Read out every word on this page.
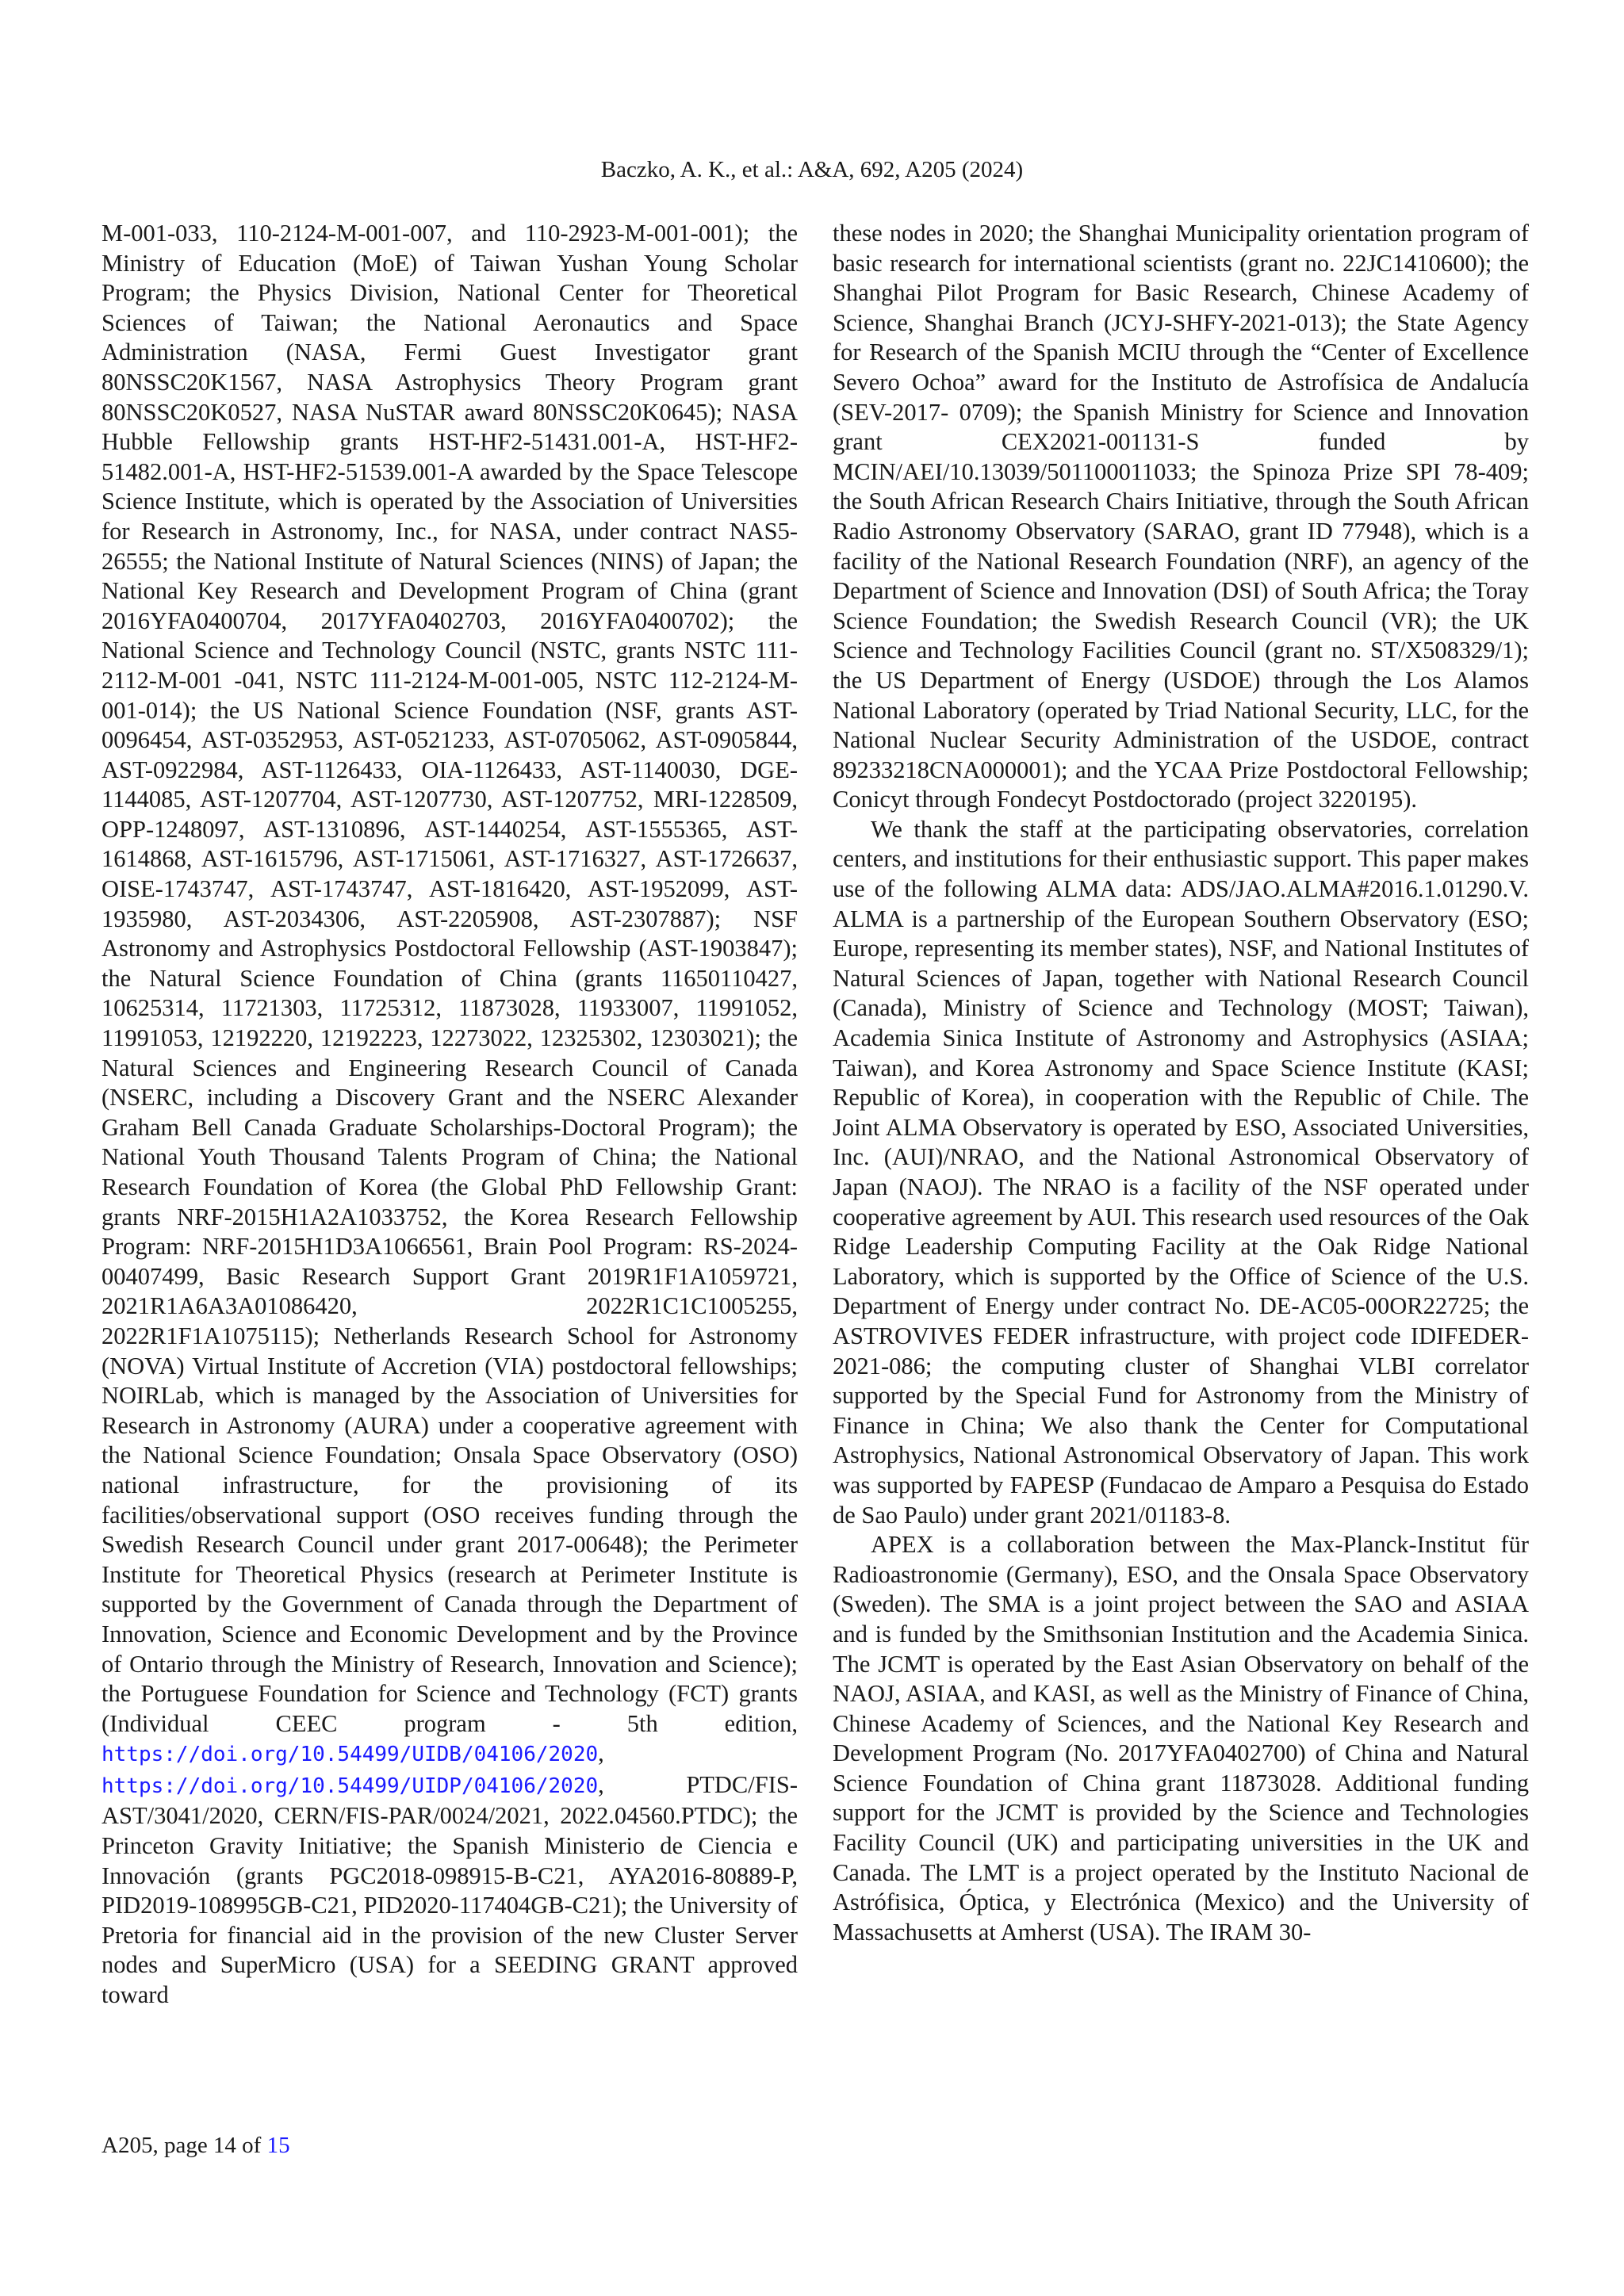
Baczko, A. K., et al.: A&A, 692, A205 (2024)

M-001-033, 110-2124-M-001-007, and 110-2923-M-001-001); the Ministry of Education (MoE) of Taiwan Yushan Young Scholar Program; the Physics Division, National Center for Theoretical Sciences of Taiwan; the National Aeronautics and Space Administration (NASA, Fermi Guest Investigator grant 80NSSC20K1567, NASA Astrophysics Theory Program grant 80NSSC20K0527, NASA NuSTAR award 80NSSC20K0645); NASA Hubble Fellowship grants HST-HF2-51431.001-A, HST-HF2-51482.001-A, HST-HF2-51539.001-A awarded by the Space Telescope Science Institute, which is operated by the Association of Universities for Research in Astronomy, Inc., for NASA, under contract NAS5-26555; the National Institute of Natural Sciences (NINS) of Japan; the National Key Research and Development Program of China (grant 2016YFA0400704, 2017YFA0402703, 2016YFA0400702); the National Science and Technology Council (NSTC, grants NSTC 111-2112-M-001 -041, NSTC 111-2124-M-001-005, NSTC 112-2124-M-001-014); the US National Science Foundation (NSF, grants AST-0096454, AST-0352953, AST-0521233, AST-0705062, AST-0905844, AST-0922984, AST-1126433, OIA-1126433, AST-1140030, DGE-1144085, AST-1207704, AST-1207730, AST-1207752, MRI-1228509, OPP-1248097, AST-1310896, AST-1440254, AST-1555365, AST-1614868, AST-1615796, AST-1715061, AST-1716327, AST-1726637, OISE-1743747, AST-1743747, AST-1816420, AST-1952099, AST-1935980, AST-2034306, AST-2205908, AST-2307887); NSF Astronomy and Astrophysics Postdoctoral Fellowship (AST-1903847); the Natural Science Foundation of China (grants 11650110427, 10625314, 11721303, 11725312, 11873028, 11933007, 11991052, 11991053, 12192220, 12192223, 12273022, 12325302, 12303021); the Natural Sciences and Engineering Research Council of Canada (NSERC, including a Discovery Grant and the NSERC Alexander Graham Bell Canada Graduate Scholarships-Doctoral Program); the National Youth Thousand Talents Program of China; the National Research Foundation of Korea (the Global PhD Fellowship Grant: grants NRF-2015H1A2A1033752, the Korea Research Fellowship Program: NRF-2015H1D3A1066561, Brain Pool Program: RS-2024-00407499, Basic Research Support Grant 2019R1F1A1059721, 2021R1A6A3A01086420, 2022R1C1C1005255, 2022R1F1A1075115); Netherlands Research School for Astronomy (NOVA) Virtual Institute of Accretion (VIA) postdoctoral fellowships; NOIRLab, which is managed by the Association of Universities for Research in Astronomy (AURA) under a cooperative agreement with the National Science Foundation; Onsala Space Observatory (OSO) national infrastructure, for the provisioning of its facilities/observational support (OSO receives funding through the Swedish Research Council under grant 2017-00648); the Perimeter Institute for Theoretical Physics (research at Perimeter Institute is supported by the Government of Canada through the Department of Innovation, Science and Economic Development and by the Province of Ontario through the Ministry of Research, Innovation and Science); the Portuguese Foundation for Science and Technology (FCT) grants (Individual CEEC program - 5th edition, https://doi.org/10.54499/UIDB/04106/2020, https://doi.org/10.54499/UIDP/04106/2020,	PTDC/FIS-AST/3041/2020, CERN/FIS-PAR/0024/2021, 2022.04560.PTDC); the Princeton Gravity Initiative; the Spanish Ministerio de Ciencia e Innovación (grants PGC2018-098915-B-C21, AYA2016-80889-P, PID2019-108995GB-C21, PID2020-117404GB-C21); the University of Pretoria for financial aid in the provision of the new Cluster Server nodes and SuperMicro (USA) for a SEEDING GRANT approved toward

these nodes in 2020; the Shanghai Municipality orientation program of basic research for international scientists (grant no. 22JC1410600); the Shanghai Pilot Program for Basic Research, Chinese Academy of Science, Shanghai Branch (JCYJ-SHFY-2021-013); the State Agency for Research of the Spanish MCIU through the “Center of Excellence Severo Ochoa” award for the Instituto de Astrofísica de Andalucía (SEV-2017- 0709); the Spanish Ministry for Science and Innovation grant CEX2021-001131-S funded by MCIN/AEI/10.13039/501100011033; the Spinoza Prize SPI 78-409; the South African Research Chairs Initiative, through the South African Radio Astronomy Observatory (SARAO, grant ID 77948), which is a facility of the National Research Foundation (NRF), an agency of the Department of Science and Innovation (DSI) of South Africa; the Toray Science Foundation; the Swedish Research Council (VR); the UK Science and Technology Facilities Council (grant no. ST/X508329/1); the US Department of Energy (USDOE) through the Los Alamos National Laboratory (operated by Triad National Security, LLC, for the National Nuclear Security Administration of the USDOE, contract 89233218CNA000001); and the YCAA Prize Postdoctoral Fellowship; Conicyt through Fondecyt Postdoctorado (project 3220195).

We thank the staff at the participating observatories, correlation centers, and institutions for their enthusiastic support. This paper makes use of the following ALMA data: ADS/JAO.ALMA#2016.1.01290.V. ALMA is a partnership of the European Southern Observatory (ESO; Europe, representing its member states), NSF, and National Institutes of Natural Sciences of Japan, together with National Research Council (Canada), Ministry of Science and Technology (MOST; Taiwan), Academia Sinica Institute of Astronomy and Astrophysics (ASIAA; Taiwan), and Korea Astronomy and Space Science Institute (KASI; Republic of Korea), in cooperation with the Republic of Chile. The Joint ALMA Observatory is operated by ESO, Associated Universities, Inc. (AUI)/NRAO, and the National Astronomical Observatory of Japan (NAOJ). The NRAO is a facility of the NSF operated under cooperative agreement by AUI. This research used resources of the Oak Ridge Leadership Computing Facility at the Oak Ridge National Laboratory, which is supported by the Office of Science of the U.S. Department of Energy under contract No. DE-AC05-00OR22725; the ASTROVIVES FEDER infrastructure, with project code IDIFEDER-2021-086; the computing cluster of Shanghai VLBI correlator supported by the Special Fund for Astronomy from the Ministry of Finance in China; We also thank the Center for Computational Astrophysics, National Astronomical Observatory of Japan. This work was supported by FAPESP (Fundacao de Amparo a Pesquisa do Estado de Sao Paulo) under grant 2021/01183-8.

APEX is a collaboration between the Max-Planck-Institut für Radioastronomie (Germany), ESO, and the Onsala Space Observatory (Sweden). The SMA is a joint project between the SAO and ASIAA and is funded by the Smithsonian Institution and the Academia Sinica. The JCMT is operated by the East Asian Observatory on behalf of the NAOJ, ASIAA, and KASI, as well as the Ministry of Finance of China, Chinese Academy of Sciences, and the National Key Research and Development Program (No. 2017YFA0402700) of China and Natural Science Foundation of China grant 11873028. Additional funding support for the JCMT is provided by the Science and Technologies Facility Council (UK) and participating universities in the UK and Canada. The LMT is a project operated by the Instituto Nacional de Astrófisica, Óptica, y Electrónica (Mexico) and the University of Massachusetts at Amherst (USA). The IRAM 30-

A205, page 14 of 15
